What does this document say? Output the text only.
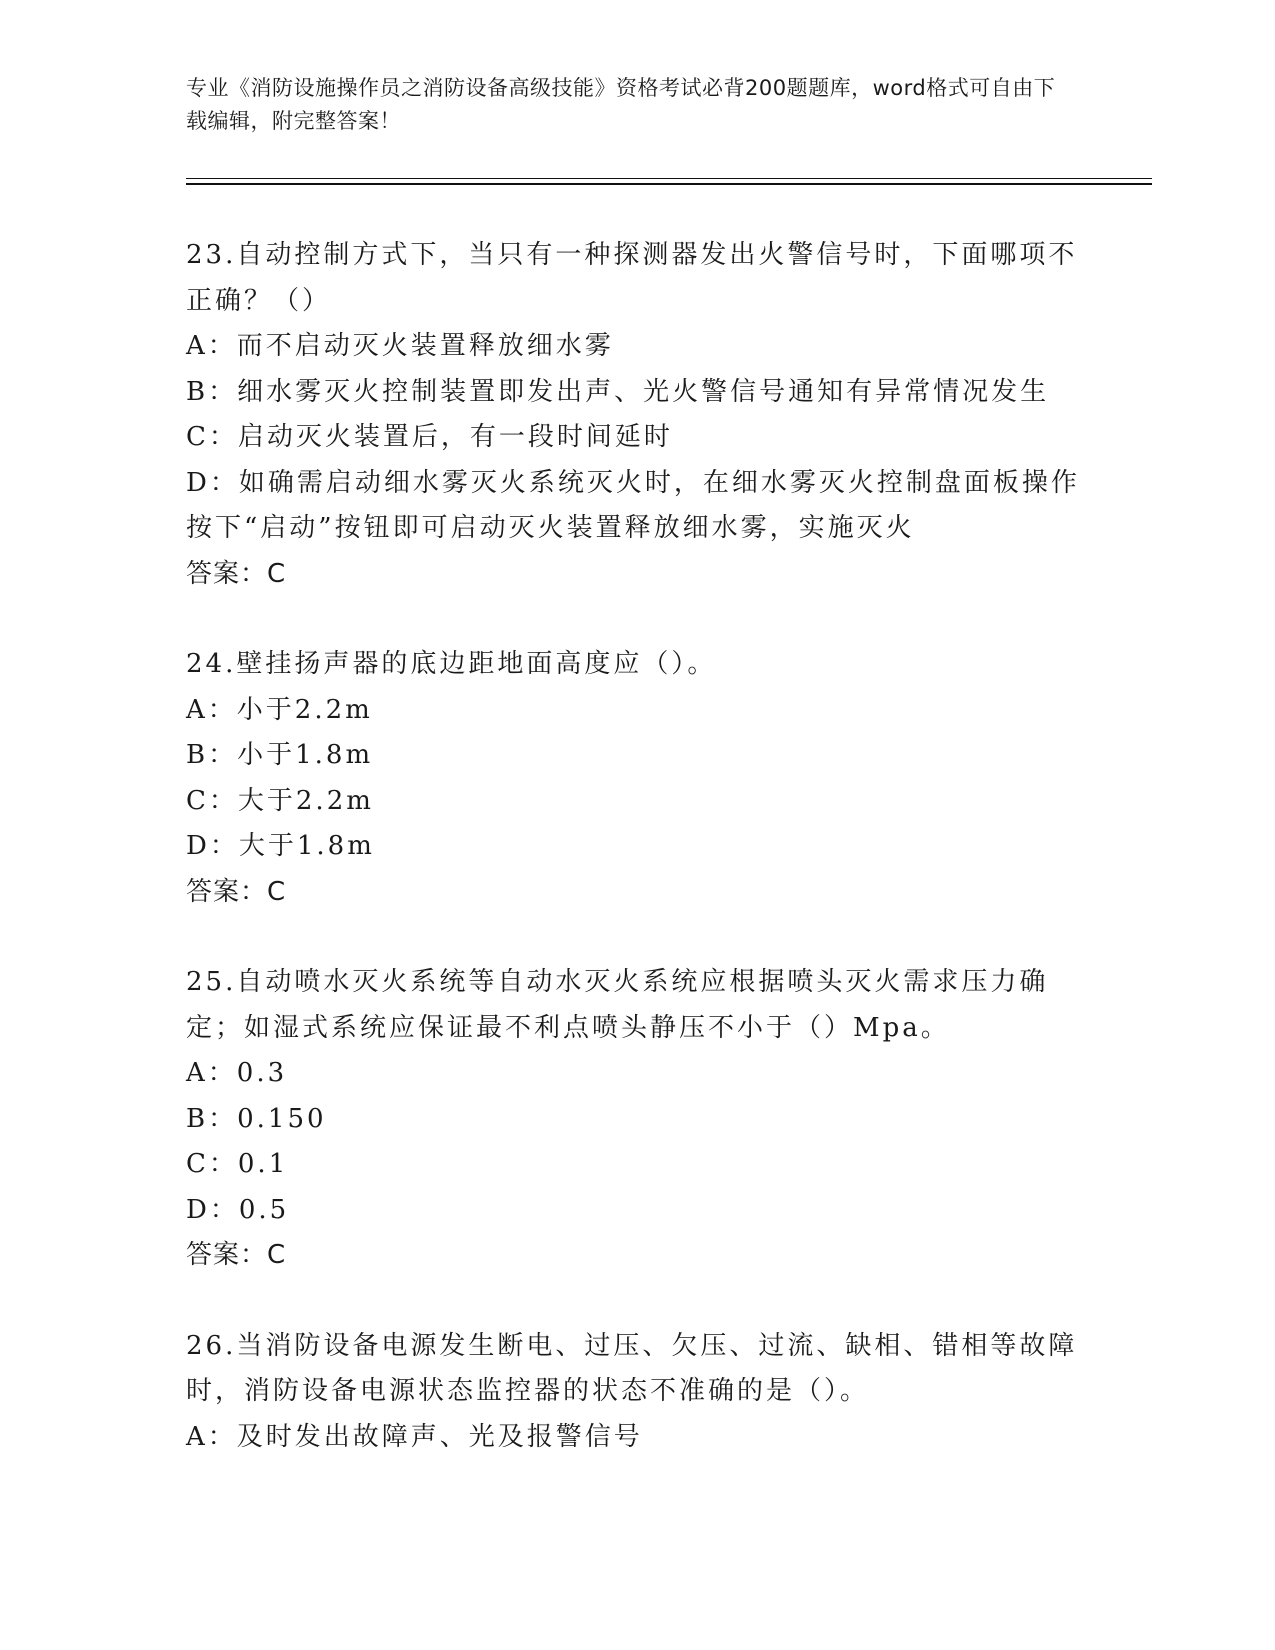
专业《消防设施操作员之消防设备高级技能》资格考试必背200题题库，word格式可自由下载编辑，附完整答案！
23.自动控制方式下，当只有一种探测器发出火警信号时，下面哪项不正确？（）
A：而不启动灭火装置释放细水雾
B：细水雾灭火控制装置即发出声、光火警信号通知有异常情况发生
C：启动灭火装置后，有一段时间延时
D：如确需启动细水雾灭火系统灭火时，在细水雾灭火控制盘面板操作按下“启动”按钮即可启动灭火装置释放细水雾，实施灭火
答案：C
24.壁挂扬声器的底边距地面高度应（）。
A：小于2.2m
B：小于1.8m
C：大于2.2m
D：大于1.8m
答案：C
25.自动喷水灭火系统等自动水灭火系统应根据喷头灭火需求压力确定；如湿式系统应保证最不利点喷头静压不小于（）Mpa。
A：0.3
B：0.150
C：0.1
D：0.5
答案：C
26.当消防设备电源发生断电、过压、欠压、过流、缺相、错相等故障时，消防设备电源状态监控器的状态不准确的是（）。
A：及时发出故障声、光及报警信号
